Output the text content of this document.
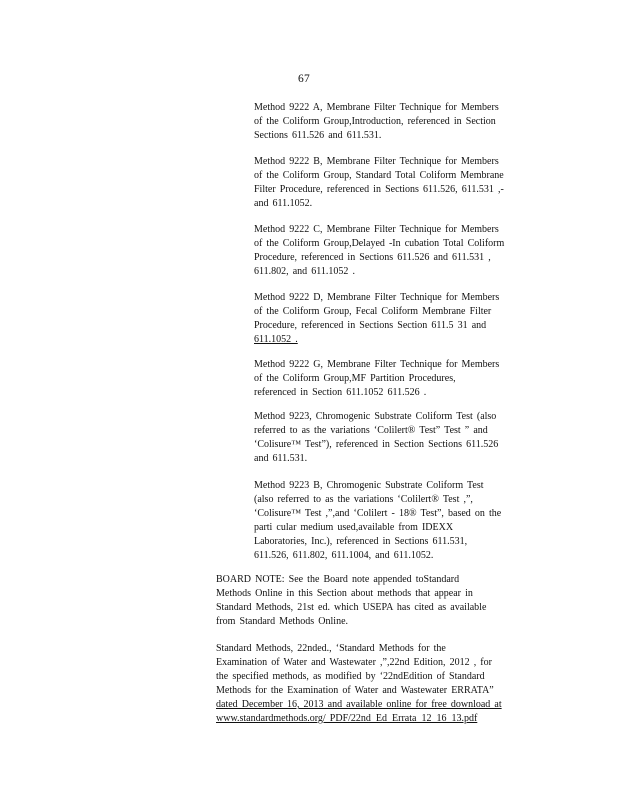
67
Method 9222 A, Membrane Filter Technique for Members
of the Coliform Group,Introduction, referenced in Section
Sections 611.526 and 611.531.
Method 9222 B, Membrane Filter Technique for Members
of the Coliform Group, Standard Total Coliform Membrane
Filter Procedure, referenced in Sections 611.526, 611.531 ,-
and 611.1052.
Method 9222 C, Membrane Filter Technique for Members
of the Coliform Group,Delayed -In cubation Total Coliform
Procedure, referenced in Sections 611.526 and 611.531 ,
611.802, and 611.1052 .
Method 9222 D, Membrane Filter Technique for Members
of the Coliform Group, Fecal Coliform Membrane Filter
Procedure, referenced in Sections Section 611.5 31 and
611.1052 .
Method 9222 G, Membrane Filter Technique for Members
of the Coliform Group,MF Partition Procedures,
referenced in Section 611.1052 611.526 .
Method 9223, Chromogenic Substrate Coliform Test (also
referred to as the variations ‘Colilert® Test” Test ” and
‘Colisure™ Test”), referenced in Section Sections 611.526
and 611.531.
Method 9223 B, Chromogenic Substrate Coliform Test
(also referred to as the variations ‘Colilert® Test ,”,
‘Colisure™ Test ,”,and ‘Colilert - 18® Test”, based on the
parti cular medium used,available from IDEXX
Laboratories, Inc.), referenced in Sections 611.531,
611.526, 611.802, 611.1004, and 611.1052.
BOARD NOTE: See the Board note appended toStandard
Methods Online in this Section about methods that appear in
Standard Methods, 21st ed. which USEPA has cited as available
from Standard Methods Online.
Standard Methods, 22nded., ‘Standard Methods for the
Examination of Water and Wastewater ,”,22nd Edition, 2012 , for
the specified methods, as modified by ‘22ndEdition of Standard
Methods for the Examination of Water and Wastewater ERRATA”
dated December 16, 2013 and available online for free download at
www.standardmethods.org/ PDF/22nd_Ed_Errata_12_16_13.pdf
